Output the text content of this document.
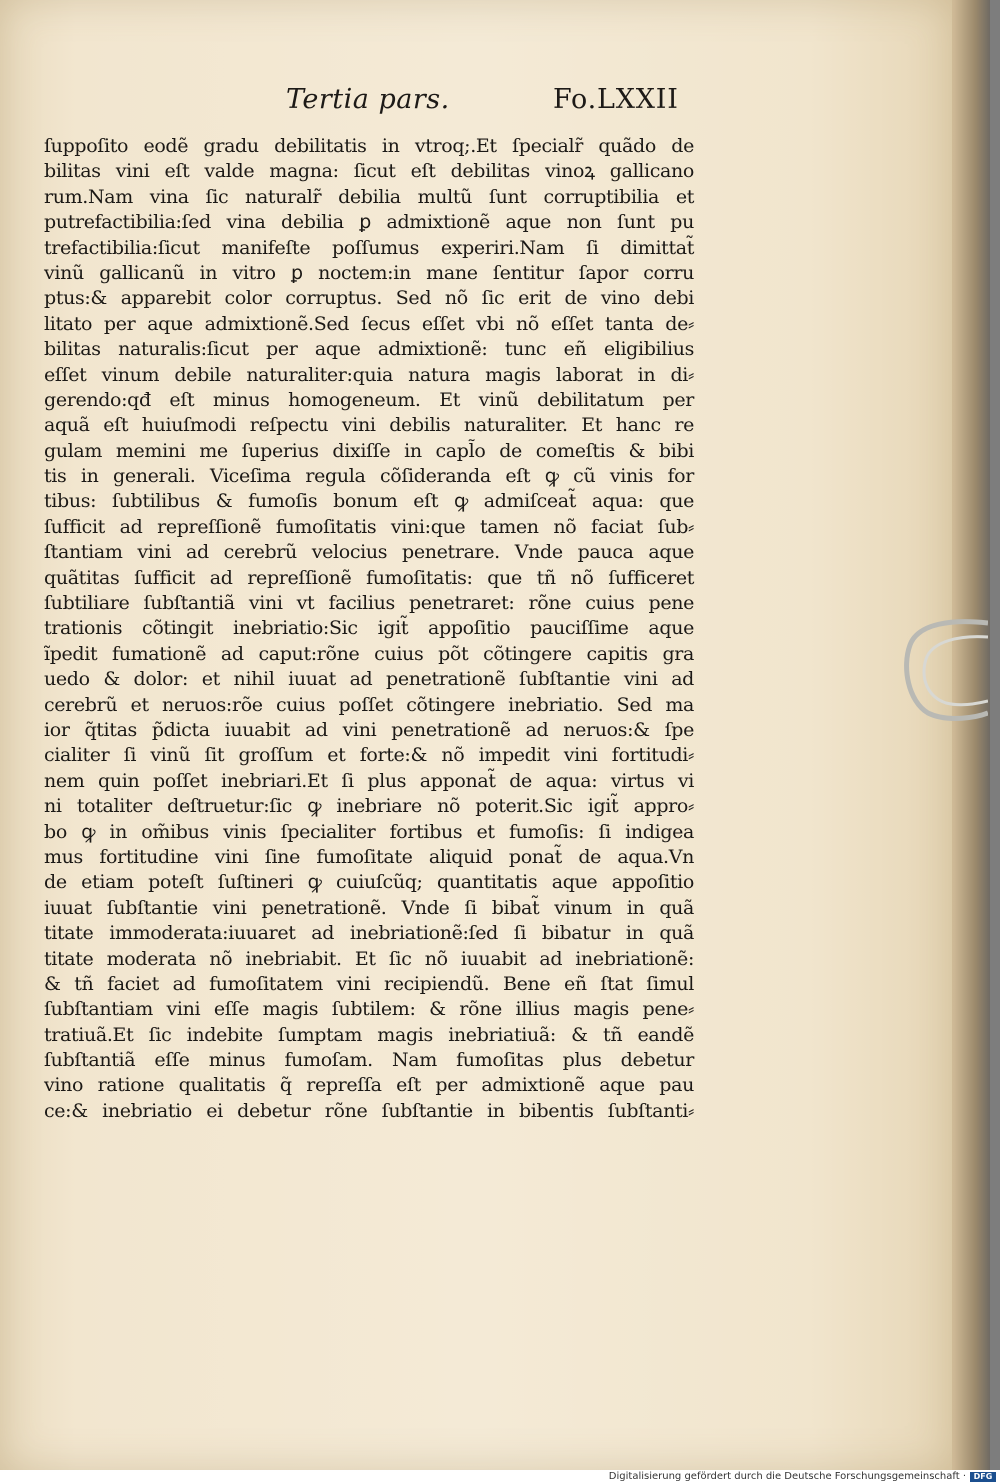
Tertia pars.	Fo.LXXII
ſuppoſito eodẽ gradu debilitatis in vtroq;.Et ſpecialr̃ quãdo de
bilitas vini eſt valde magna: ſicut eſt debilitas vinoꝝ gallicano
rum.Nam vina ſic naturalr̃ debilia multũ ſunt corruptibilia et
putrefactibilia:ſed vina debilia ꝑ admixtionẽ aque non ſunt pu
trefactibilia:ſicut manifeſte poſſumus experiri.Nam ſi dimittat̃
vinũ gallicanũ in vitro ꝑ noctem:in mane ſentitur ſapor corru
ptus:& apparebit color corruptus. Sed nõ ſic erit de vino debi
litato per aque admixtionẽ.Sed ſecus eſſet vbi nõ eſſet tanta de⸗
bilitas naturalis:ſicut per aque admixtionẽ: tunc eñ eligibilius
eſſet vinum debile naturaliter:quia natura magis laborat in di⸗
gerendo:qđ eſt minus homogeneum. Et vinũ debilitatum per
aquã eſt huiuſmodi reſpectu vini debilis naturaliter. Et hanc re
gulam memini me ſuperius dixiſſe in capl̃o de comeſtis & bibi
tis in generali. Viceſima regula cõſideranda eſt ꝙ cũ vinis for
tibus: ſubtilibus & fumoſis bonum eſt ꝙ admiſceat̃ aqua: que
ſufficit ad repreſſionẽ fumoſitatis vini:que tamen nõ faciat ſub⸗
ſtantiam vini ad cerebrũ velocius penetrare. Vnde pauca aque
quãtitas ſufficit ad repreſſionẽ fumoſitatis: que tñ nõ ſufficeret
ſubtiliare ſubſtantiã vini vt facilius penetraret: rõne cuius pene
trationis cõtingit inebriatio:Sic igit̃ appoſitio pauciſſime aque
ĩpedit fumationẽ ad caput:rõne cuius põt cõtingere capitis gra
uedo & dolor: et nihil iuuat ad penetrationẽ ſubſtantie vini ad
cerebrũ et neruos:rõe cuius poſſet cõtingere inebriatio. Sed ma
ior q̃titas p̃dicta iuuabit ad vini penetrationẽ ad neruos:& ſpe
cialiter ſi vinũ ſit groſſum et forte:& nõ impedit vini fortitudi⸗
nem quin poſſet inebriari.Et ſi plus apponat̃ de aqua: virtus vi
ni totaliter deſtruetur:ſic ꝙ inebriare nõ poterit.Sic igit̃ appro⸗
bo ꝙ in om̃ibus vinis ſpecialiter fortibus et fumoſis: ſi indigea
mus fortitudine vini ſine fumoſitate aliquid ponat̃ de aqua.Vn
de etiam poteſt ſuſtineri ꝙ cuiuſcũq; quantitatis aque appoſitio
iuuat ſubſtantie vini penetrationẽ. Vnde ſi bibat̃ vinum in quã
titate immoderata:iuuaret ad inebriationẽ:ſed ſi bibatur in quã
titate moderata nõ inebriabit. Et ſic nõ iuuabit ad inebriationẽ:
& tñ faciet ad fumoſitatem vini recipiendũ. Bene eñ ſtat ſimul
ſubſtantiam vini eſſe magis ſubtilem: & rõne illius magis pene⸗
tratiuã.Et ſic indebite ſumptam magis inebriatiuã: & tñ eandẽ
ſubſtantiã eſſe minus fumoſam. Nam fumoſitas plus debetur
vino ratione qualitatis q̃ repreſſa eſt per admixtionẽ aque pau
ce:& inebriatio ei debetur rõne ſubſtantie in bibentis ſubſtanti⸗
Digitalisierung gefördert durch die Deutsche Forschungsgemeinschaft · DFG
